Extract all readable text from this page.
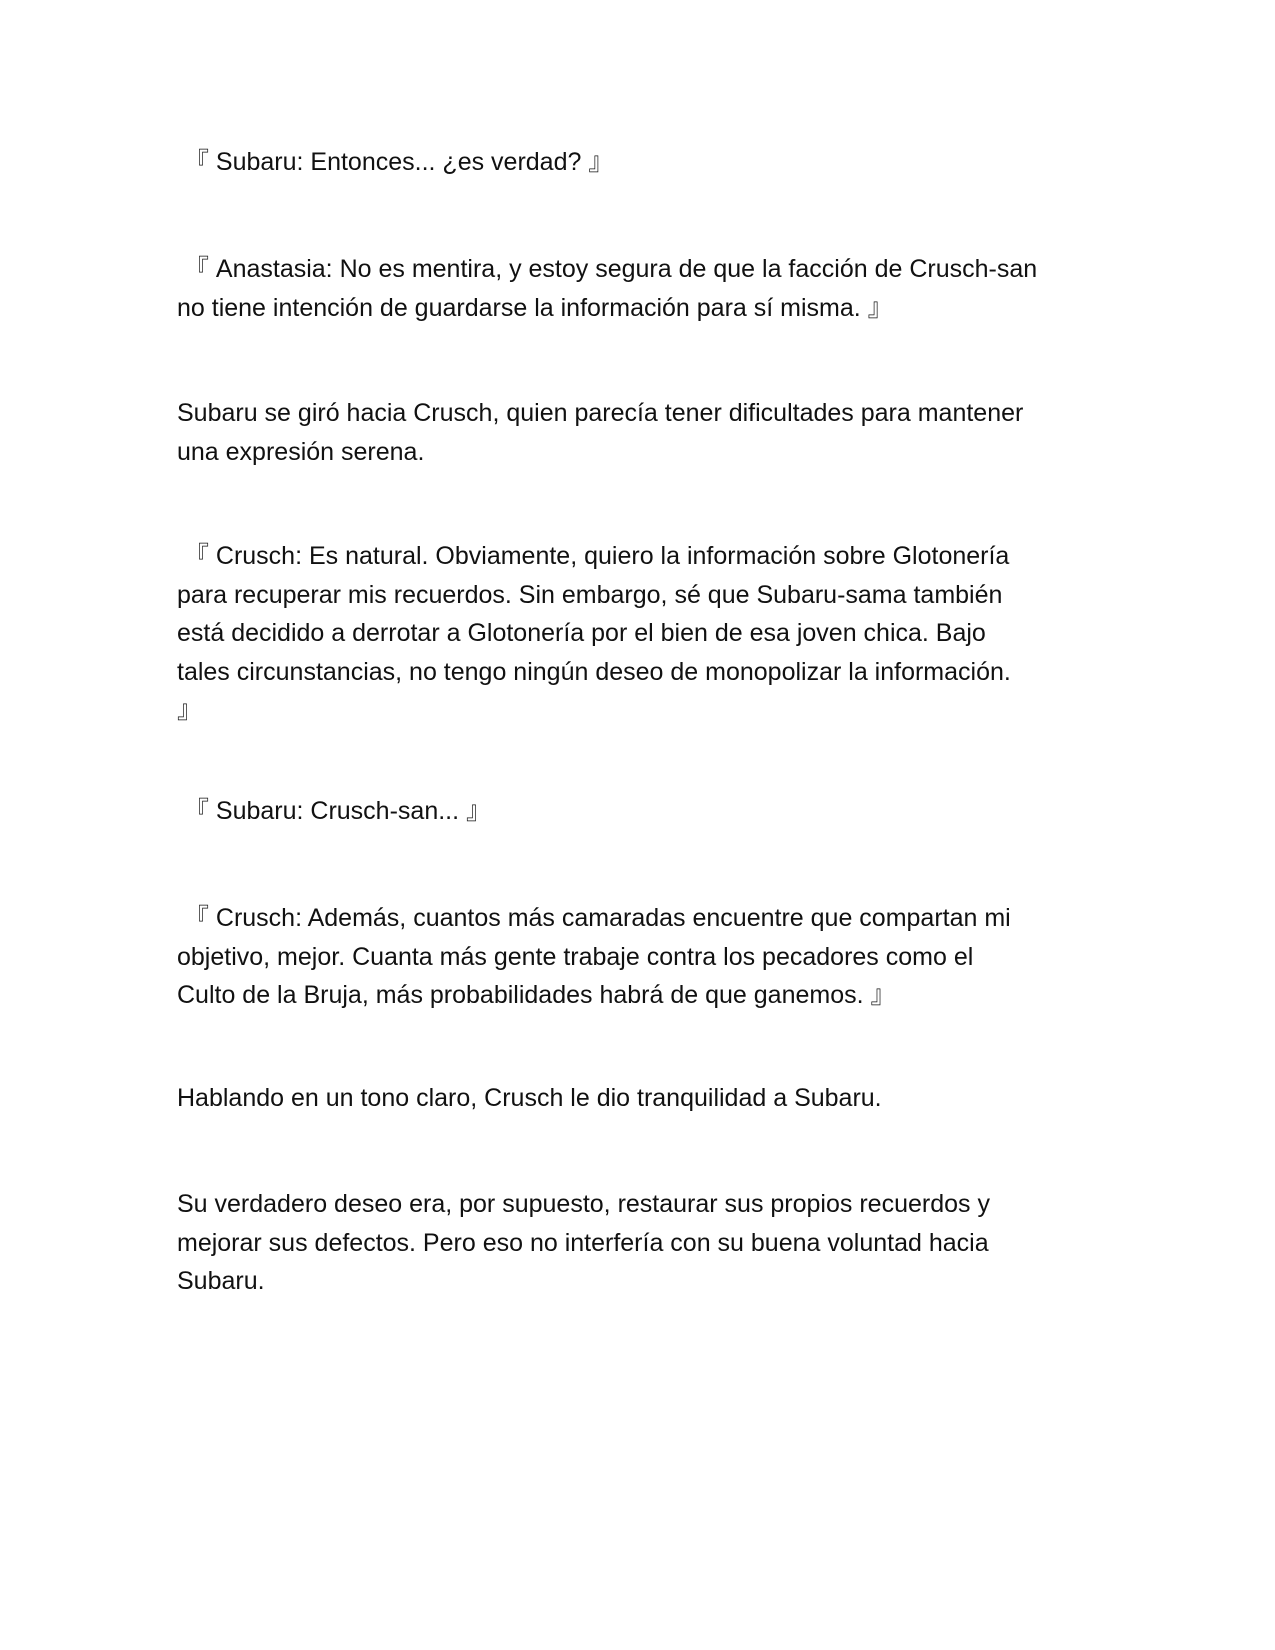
『 Subaru: Entonces... ¿es verdad? 』

『 Anastasia: No es mentira, y estoy segura de que la facción de Crusch-san
no tiene intención de guardarse la información para sí misma. 』

Subaru se giró hacia Crusch, quien parecía tener dificultades para mantener
una expresión serena.

『 Crusch: Es natural. Obviamente, quiero la información sobre Glotonería
para recuperar mis recuerdos. Sin embargo, sé que Subaru-sama también
está decidido a derrotar a Glotonería por el bien de esa joven chica. Bajo
tales circunstancias, no tengo ningún deseo de monopolizar la información.
』

『 Subaru: Crusch-san... 』

『 Crusch: Además, cuantos más camaradas encuentre que compartan mi
objetivo, mejor. Cuanta más gente trabaje contra los pecadores como el
Culto de la Bruja, más probabilidades habrá de que ganemos. 』

Hablando en un tono claro, Crusch le dio tranquilidad a Subaru.

Su verdadero deseo era, por supuesto, restaurar sus propios recuerdos y
mejorar sus defectos. Pero eso no interfería con su buena voluntad hacia
Subaru.
